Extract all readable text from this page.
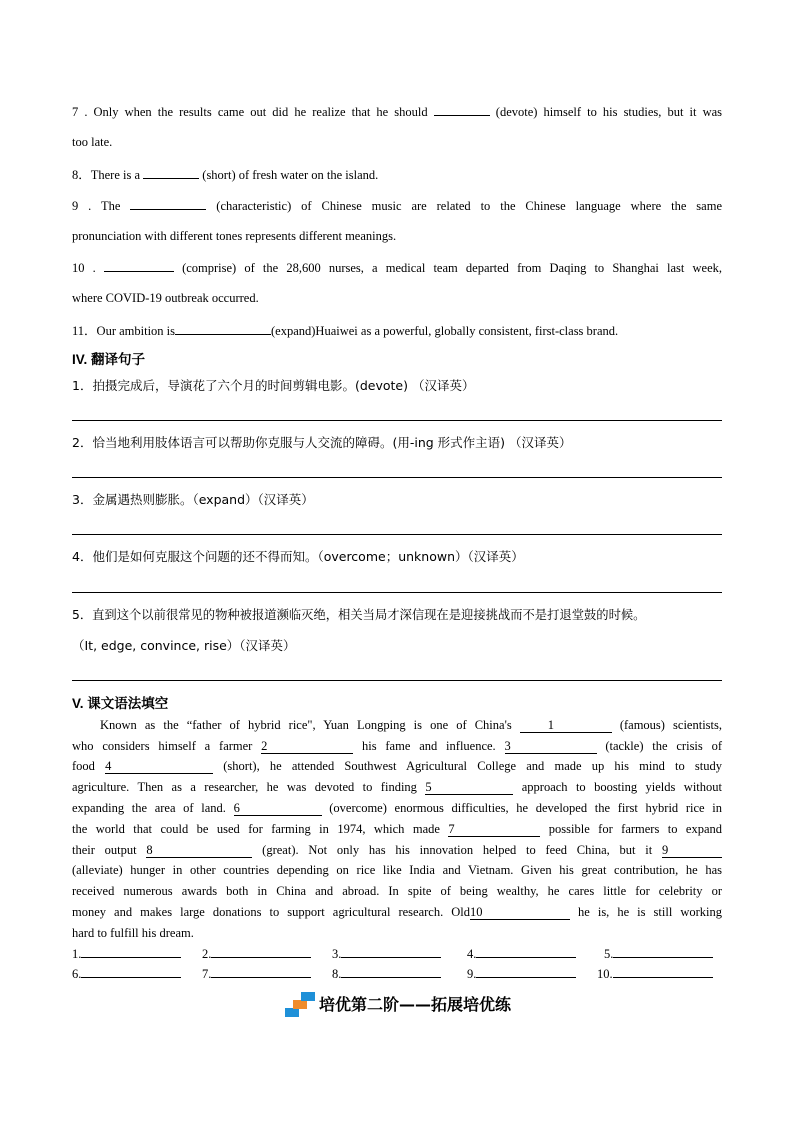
7 . Only when the results came out did he realize that he should	(devote) himself to his studies, but it was
too late.
8．There is a	(short) of fresh water on the island.
9 . The	(characteristic) of Chinese music are related to the Chinese language where the same
pronunciation with different tones represents different meanings.
10 .	(comprise) of the 28,600 nurses, a medical team departed from Daqing to Shanghai last week,
where COVID-19 outbreak occurred.
11．Our ambition is	(expand)Huaiwei as a powerful, globally consistent, first-class brand.
IV. 翻译句子
1．拍摄完成后，导演花了六个月的时间剪辑电影。(devote) （汉译英）
2．恰当地利用肢体语言可以帮助你克服与人交流的障碍。(用-ing 形式作主语) （汉译英）
3．金属遇热则膨胀。（expand）（汉译英）
4．他们是如何克服这个问题的还不得而知。（overcome；unknown）（汉译英）
5．直到这个以前很常见的物种被报道濒临灭绝，相关当局才深信现在是迎接挑战而不是打退堂鼓的时候。
（It, edge, convince, rise）（汉译英）
V. 课文语法填空
Known as the “father of hybrid rice", Yuan Longping is one of China's 1	(famous) scientists,
who considers himself a farmer 2	his fame and influence. 3	(tackle) the crisis of
food 4	(short), he attended Southwest Agricultural College and made up his mind to study
agriculture. Then as a researcher, he was devoted to finding 5	approach to boosting yields without
expanding the area of land. 6	(overcome) enormous difficulties, he developed the first hybrid rice in
the world that could be used for farming in 1974, which made 7	possible for farmers to expand
their output 8	(great). Not only has his innovation helped to feed China, but it 9
(alleviate) hunger in other countries depending on rice like India and Vietnam. Given his great contribution, he has
received numerous awards both in China and abroad. In spite of being wealthy, he cares little for celebrity or
money and makes large donations to support agricultural research. Old10	he is, he is still working
hard to fulfill his dream.
1.	2.	3.	4.	5.
6.	7.	8.	9.	10.
培优第二阶——拓展培优练
